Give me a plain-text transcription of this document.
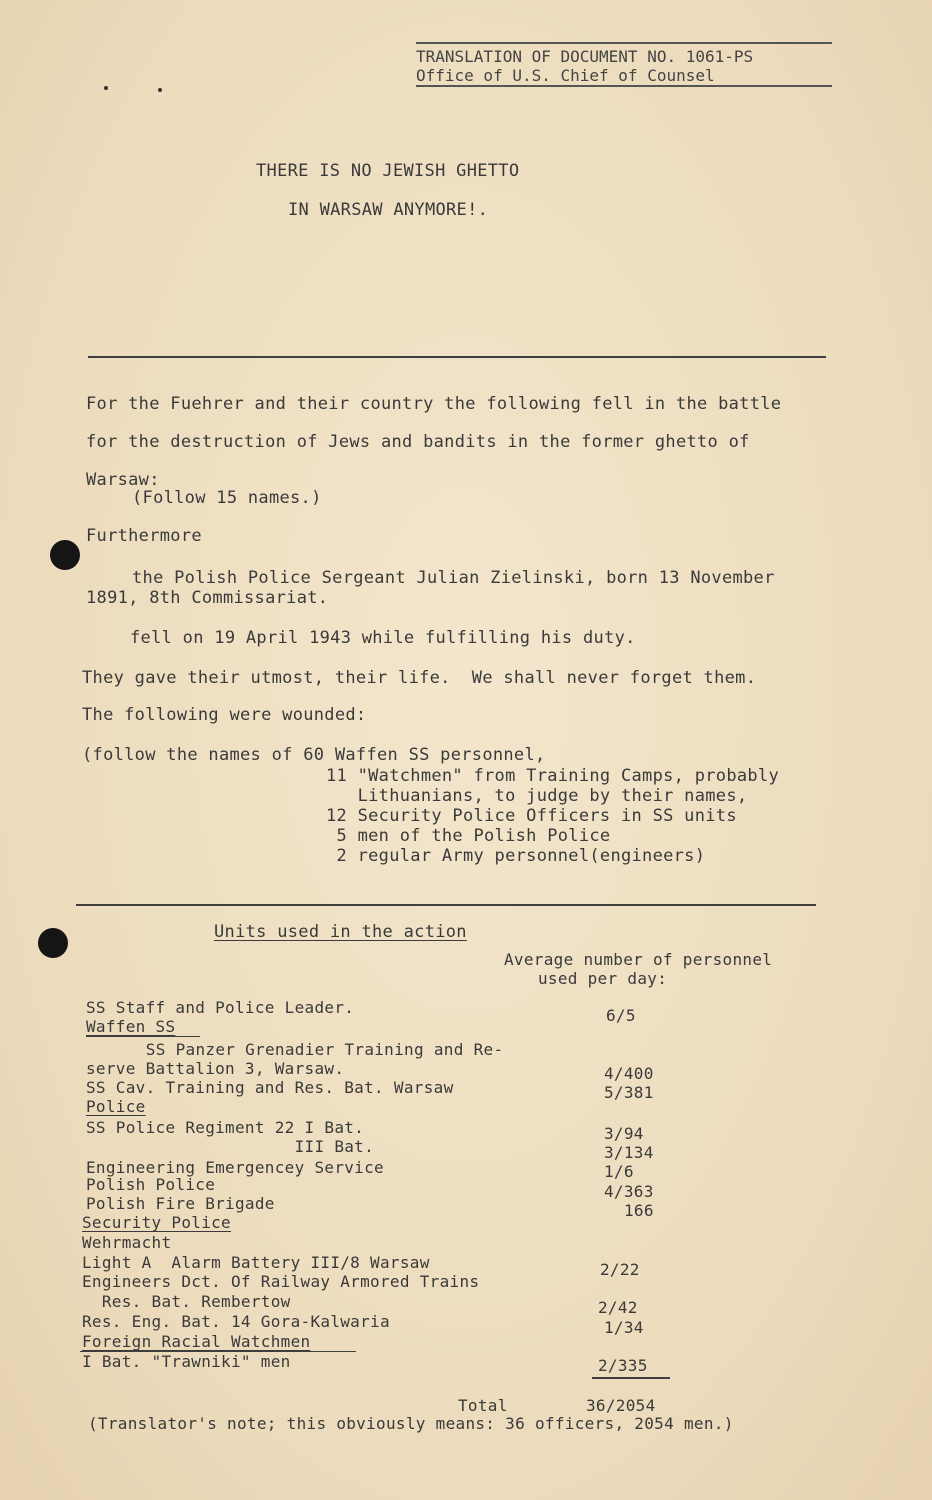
TRANSLATION OF DOCUMENT NO. 1061-PS
Office of U.S. Chief of Counsel
THERE IS NO JEWISH GHETTO
IN WARSAW ANYMORE!.
For the Fuehrer and their country the following fell in the battle
for the destruction of Jews and bandits in the former ghetto of
Warsaw:
(Follow 15 names.)
Furthermore
the Polish Police Sergeant Julian Zielinski, born 13 November
1891, 8th Commissariat.
fell on 19 April 1943 while fulfilling his duty.
They gave their utmost, their life.  We shall never forget them.
The following were wounded:
(follow the names of 60 Waffen SS personnel,
11 "Watchmen" from Training Camps, probably
Lithuanians, to judge by their names,
12 Security Police Officers in SS units
5 men of the Polish Police
2 regular Army personnel(engineers)
Units used in the action
Average number of personnel
used per day:
SS Staff and Police Leader.	6/5
Waffen SS
SS Panzer Grenadier Training and Re-
serve Battalion 3, Warsaw.	4/400
SS Cav. Training and Res. Bat. Warsaw	5/381
Police
SS Police Regiment 22 I Bat.	3/94
III Bat.	3/134
Engineering Emergencey Service	1/6
Polish Police	4/363
Polish Fire Brigade	166
Security Police
Wehrmacht
Light A  Alarm Battery III/8 Warsaw	2/22
Engineers Dct. Of Railway Armored Trains
Res. Bat. Rembertow	2/42
Res. Eng. Bat. 14 Gora-Kalwaria	1/34
Foreign Racial Watchmen
I Bat. "Trawniki" men	2/335
Total	36/2054
(Translator's note; this obviously means: 36 officers, 2054 men.)
